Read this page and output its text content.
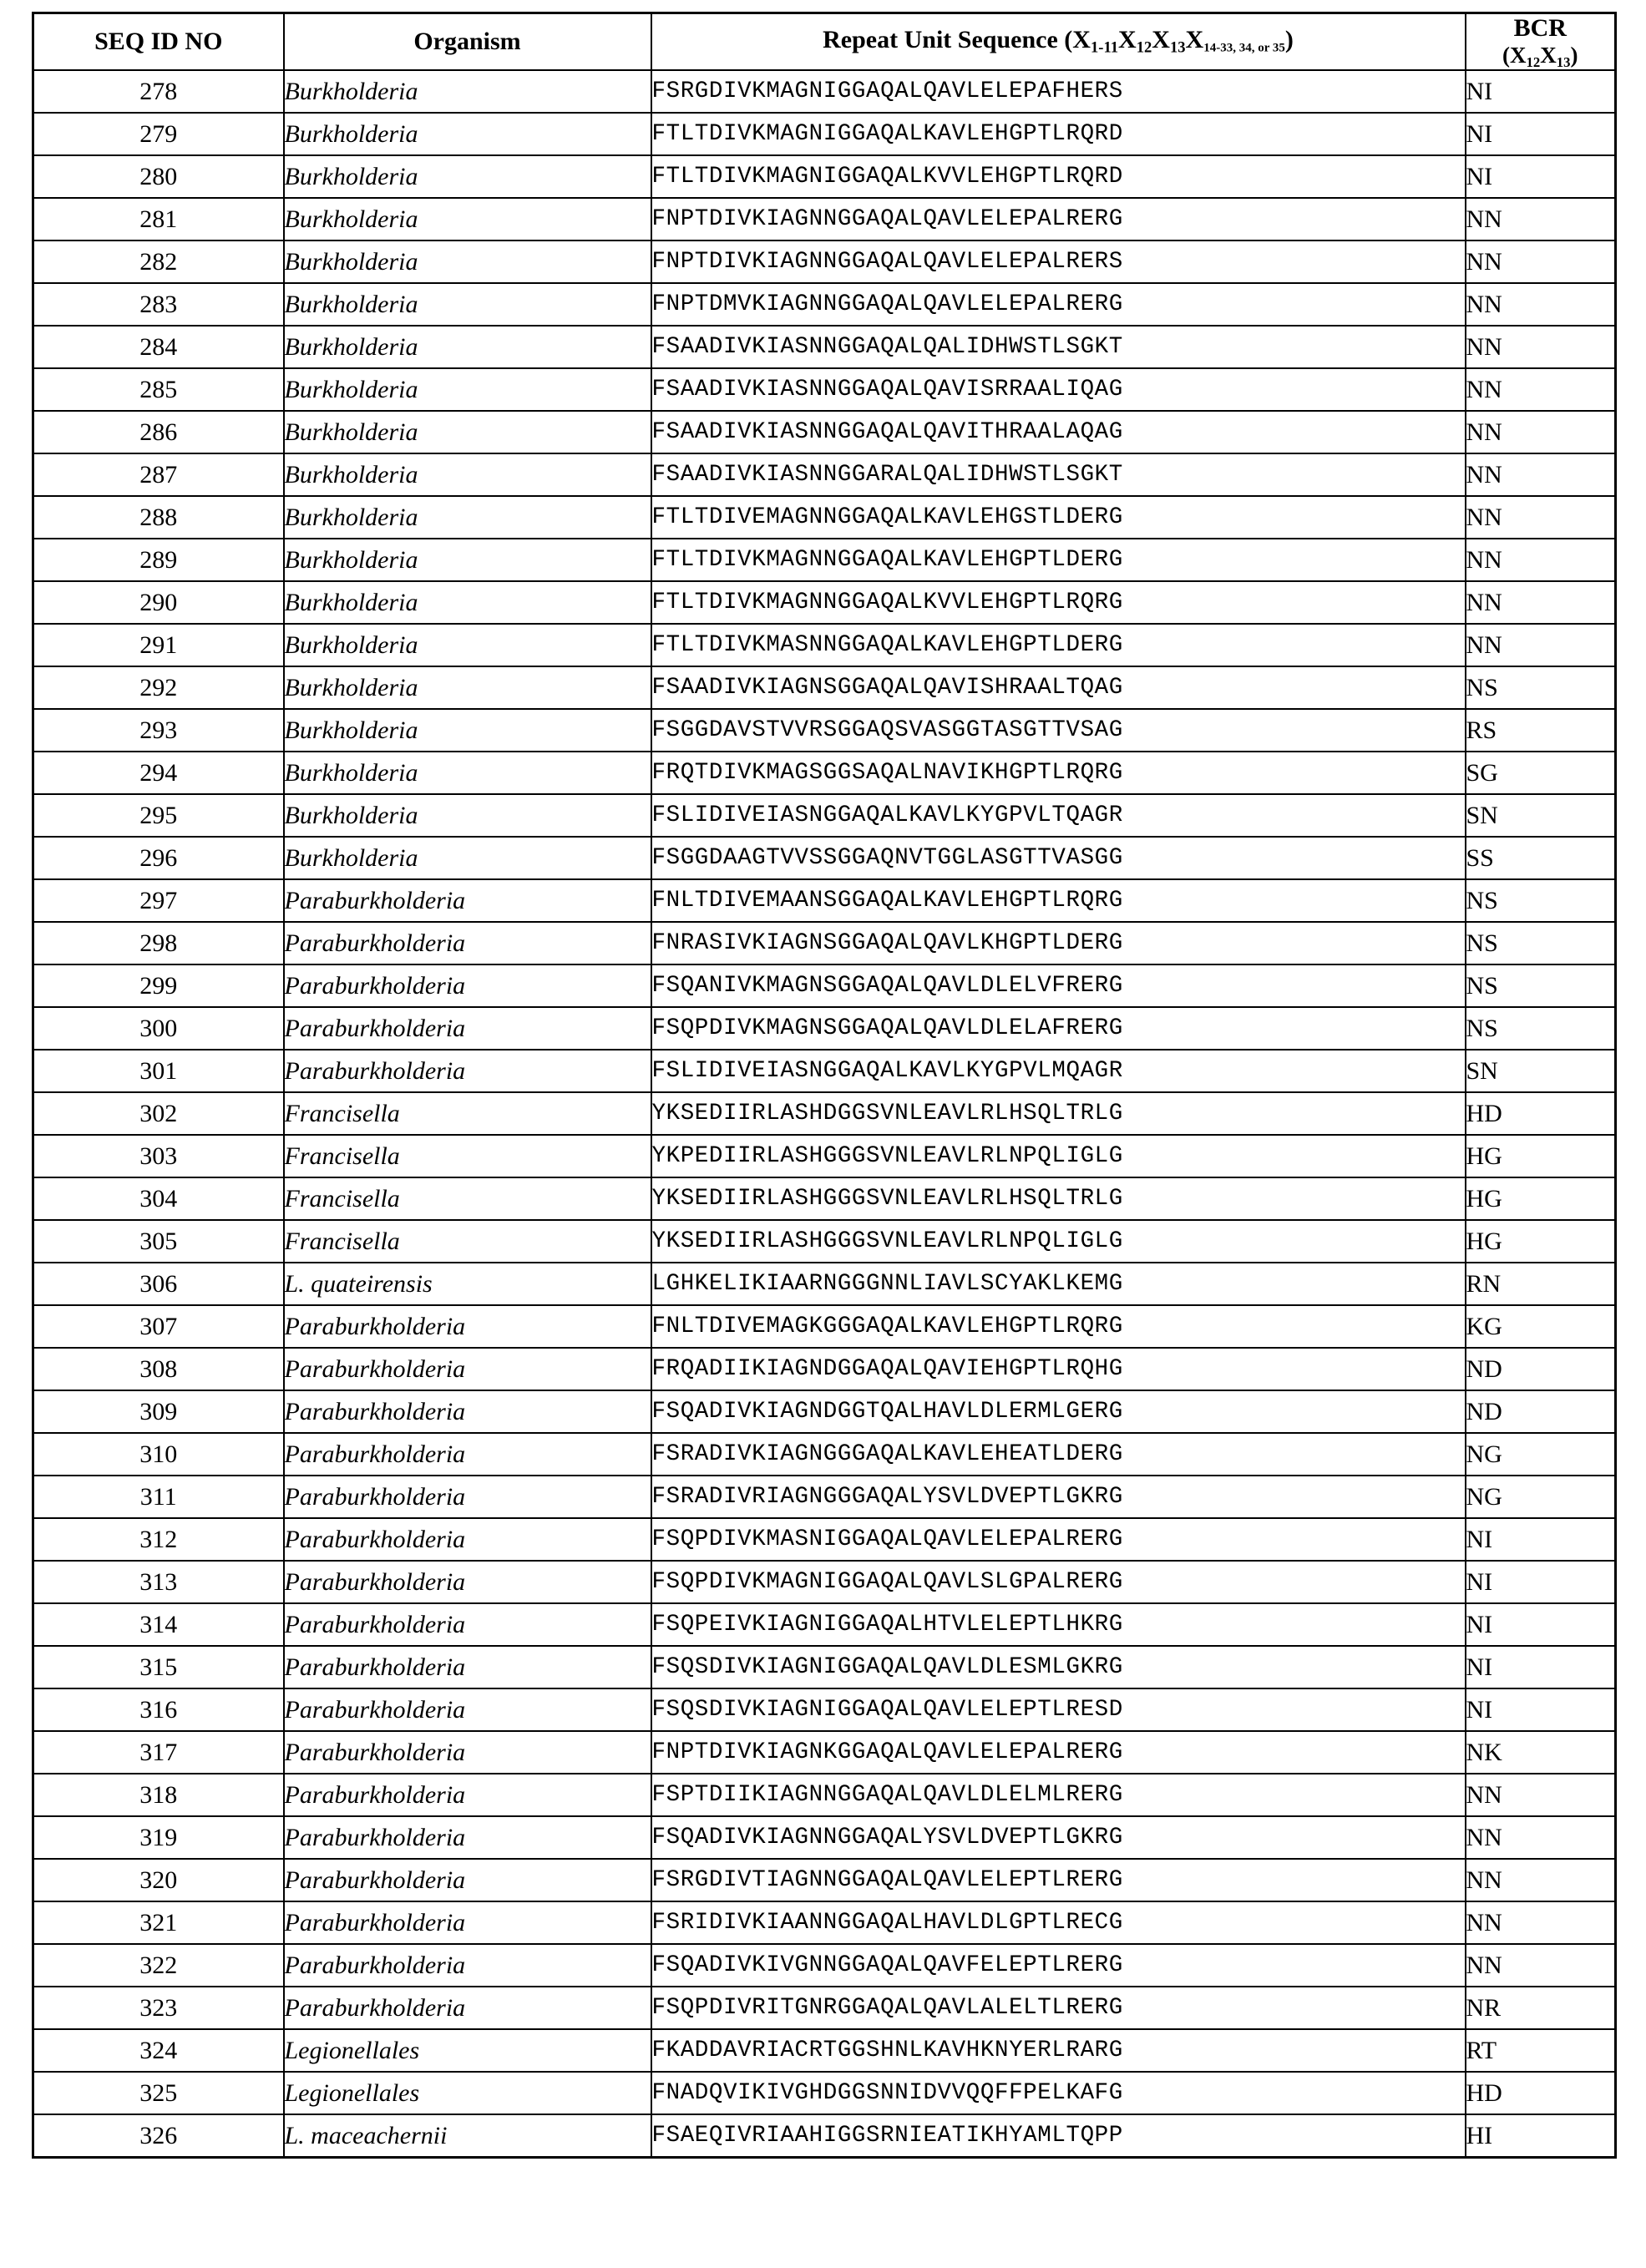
SEQ ID NO	Organism	Repeat Unit Sequence ($X_{1-11}X_{12}X_{13}X14-33$, 34, or 35)	BCR
$(X_{12}X_{13})$

278	Burkholderia	FSRGDIVKMAGNIGGAQALQAVLELEPAFHERS	NI
279	Burkholderia	FTLTDIVKMAGNIGGAQALKAVLEHGPTLRQRD	NI
280	Burkholderia	FTLTDIVKMAGNIGGAQALKVVLEHGPTLRQRD	NI
281	Burkholderia	FNPTDIVKIAGNNGGAQALQAVLELEPALRERG	NN
282	Burkholderia	FNPTDIVKIAGNNGGAQALQAVLELEPALRERS	NN
283	Burkholderia	FNPTDMVKIAGNNGGAQALQAVLELEPALRERG	NN
284	Burkholderia	FSAADIVKIASNNGGAQALQALIDHWSTLSGKT	NN
285	Burkholderia	FSAADIVKIASNNGGAQALQAVISRRAALIQAG	NN
286	Burkholderia	FSAADIVKIASNNGGAQALQAVITHRAALAQAG	NN
287	Burkholderia	FSAADIVKIASNNGGARALQALIDHWSTLSGKT	NN
288	Burkholderia	FTLTDIVEMAGNNGGAQALKAVLEHGSTLDERG	NN
289	Burkholderia	FTLTDIVKMAGNNGGAQALKAVLEHGPTLDERG	NN
290	Burkholderia	FTLTDIVKMAGNNGGAQALKVVLEHGPTLRQRG	NN
291	Burkholderia	FTLTDIVKMASNNGGAQALKAVLEHGPTLDERG	NN
292	Burkholderia	FSAADIVKIAGNSGGAQALQAVISHRAALTQAG	NS
293	Burkholderia	FSGGDAVSTVVRSGGAQSVASGGTASGTTVSAG	RS
294	Burkholderia	FRQTDIVKMAGSGGSAQALNAVIKHGPTLRQRG	SG
295	Burkholderia	FSLIDIVEIASNGGAQALKAVLKYGPVLTQAGR	SN
296	Burkholderia	FSGGDAAGTVVSSGGAQNVTGGLASGTTVASGG	SS
297	Paraburkholderia	FNLTDIVEMAANSGGAQALKAVLEHGPTLRQRG	NS
298	Paraburkholderia	FNRASIVKIAGNSGGAQALQAVLKHGPTLDERG	NS
299	Paraburkholderia	FSQANIVKMAGNSGGAQALQAVLDLELVFRERG	NS
300	Paraburkholderia	FSQPDIVKMAGNSGGAQALQAVLDLELAFRERG	NS
301	Paraburkholderia	FSLIDIVEIASNGGAQALKAVLKYGPVLMQAGR	SN
302	Francisella	YKSEDIIRLASHDGGSVNLEAVLRLHSQLTRLG	HD
303	Francisella	YKPEDIIRLASHGGGSVNLEAVLRLNPQLIGLG	HG
304	Francisella	YKSEDIIRLASHGGGSVNLEAVLRLHSQLTRLG	HG
305	Francisella	YKSEDIIRLASHGGGSVNLEAVLRLNPQLIGLG	HG
306	L. quateirensis	LGHKELIKIAARNGGGNNLIAVLSCYAKLKEMG	RN
307	Paraburkholderia	FNLTDIVEMAGKGGGAQALKAVLEHGPTLRQRG	KG
308	Paraburkholderia	FRQADIIKIAGNDGGAQALQAVIEHGPTLRQHG	ND
309	Paraburkholderia	FSQADIVKIAGNDGGTQALHAVLDLERMLGERG	ND
310	Paraburkholderia	FSRADIVKIAGNGGGAQALKAVLEHEATLDERG	NG
311	Paraburkholderia	FSRADIVRIAGNGGGAQALYSVLDVEPTLGKRG	NG
312	Paraburkholderia	FSQPDIVKMASNIGGAQALQAVLELEPALRERG	NI
313	Paraburkholderia	FSQPDIVKMAGNIGGAQALQAVLSLGPALRERG	NI
314	Paraburkholderia	FSQPEIVKIAGNIGGAQALHTVLELEPTLHKRG	NI
315	Paraburkholderia	FSQSDIVKIAGNIGGAQALQAVLDLESMLGKRG	NI
316	Paraburkholderia	FSQSDIVKIAGNIGGAQALQAVLELEPTLRESD	NI
317	Paraburkholderia	FNPTDIVKIAGNKGGAQALQAVLELEPALRERG	NK
318	Paraburkholderia	FSPTDIIKIAGNNGGAQALQAVLDLELMLRERG	NN
319	Paraburkholderia	FSQADIVKIAGNNGGAQALYSVLDVEPTLGKRG	NN
320	Paraburkholderia	FSRGDIVTIAGNNGGAQALQAVLELEPTLRERG	NN
321	Paraburkholderia	FSRIDIVKIAANNGGAQALHAVLDLGPTLRECG	NN
322	Paraburkholderia	FSQADIVKIVGNNGGAQALQAVFELEPTLRERG	NN
323	Paraburkholderia	FSQPDIVRITGNRGGAQALQAVLALELTLRERG	NR
324	Legionellales	FKADDAVRIACRTGGSHNLKAVHKNYERLRARG	RT
325	Legionellales	FNADQVIKIVGHDGGSNNIDVVQQFFPELKAFG	HD
326	L. maceachernii	FSAEQIVRIAAHIGGSRNIEATIKHYAMLTQPP	HI
